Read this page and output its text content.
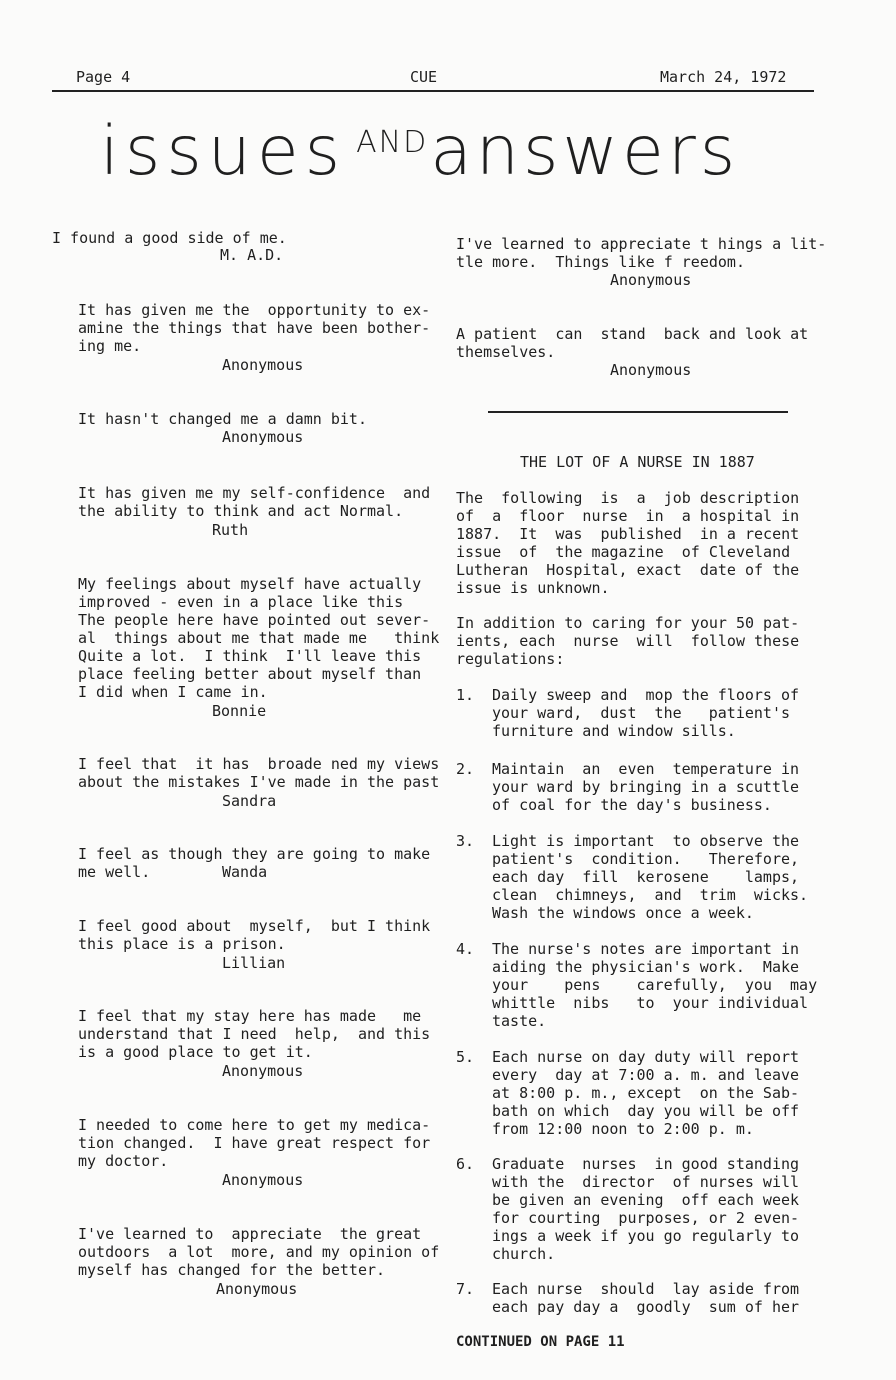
Page 4	CUE	March 24, 1972
issues $^{AND}$answers
I found a good side of me.
M. A.D.
It has given me the  opportunity to ex-
amine the things that have been bother-
ing me.
Anonymous
It hasn't changed me a damn bit.
Anonymous
It has given me my self-confidence  and
the ability to think and act Normal.
Ruth
My feelings about myself have actually
improved - even in a place like this
The people here have pointed out sever-
al  things about me that made me   think
Quite a lot.  I think  I'll leave this
place feeling better about myself than
I did when I came in.
Bonnie
I feel that  it has  broade ned my views
about the mistakes I've made in the past
Sandra
I feel as though they are going to make
me well.	Wanda
I feel good about  myself,  but I think
this place is a prison.
Lillian
I feel that my stay here has made   me
understand that I need  help,  and this
is a good place to get it.
Anonymous
I needed to come here to get my medica-
tion changed.  I have great respect for
my doctor.
Anonymous
I've learned to  appreciate  the great
outdoors  a lot  more, and my opinion of
myself has changed for the better.
Anonymous
I've learned to appreciate t hings a lit-
tle more.  Things like f reedom.
Anonymous
A patient  can  stand  back and look at
themselves.
Anonymous
THE LOT OF A NURSE IN 1887
The  following  is  a  job description
of  a  floor  nurse  in  a hospital in
1887.  It  was  published  in a recent
issue  of  the magazine  of Cleveland
Lutheran  Hospital, exact  date of the
issue is unknown.
In addition to caring for your 50 pat-
ients, each  nurse  will  follow these
regulations:
1. Daily sweep and  mop the floors of
your ward,  dust  the   patient's
furniture and window sills.
2. Maintain  an  even  temperature in
your ward by bringing in a scuttle
of coal for the day's business.
3. Light is important  to observe the
patient's  condition.   Therefore,
each day  fill  kerosene    lamps,
clean  chimneys,  and  trim  wicks.
Wash the windows once a week.
4. The nurse's notes are important in
aiding the physician's work.  Make
your    pens    carefully,  you  may
whittle  nibs   to  your individual
taste.
5. Each nurse on day duty will report
every  day at 7:00 a. m. and leave
at 8:00 p. m., except  on the Sab-
bath on which  day you will be off
from 12:00 noon to 2:00 p. m.
6. Graduate  nurses  in good standing
with the  director  of nurses will
be given an evening  off each week
for courting  purposes, or 2 even-
ings a week if you go regularly to
church.
7. Each nurse  should  lay aside from
each pay day a  goodly  sum of her
CONTINUED ON PAGE 11
